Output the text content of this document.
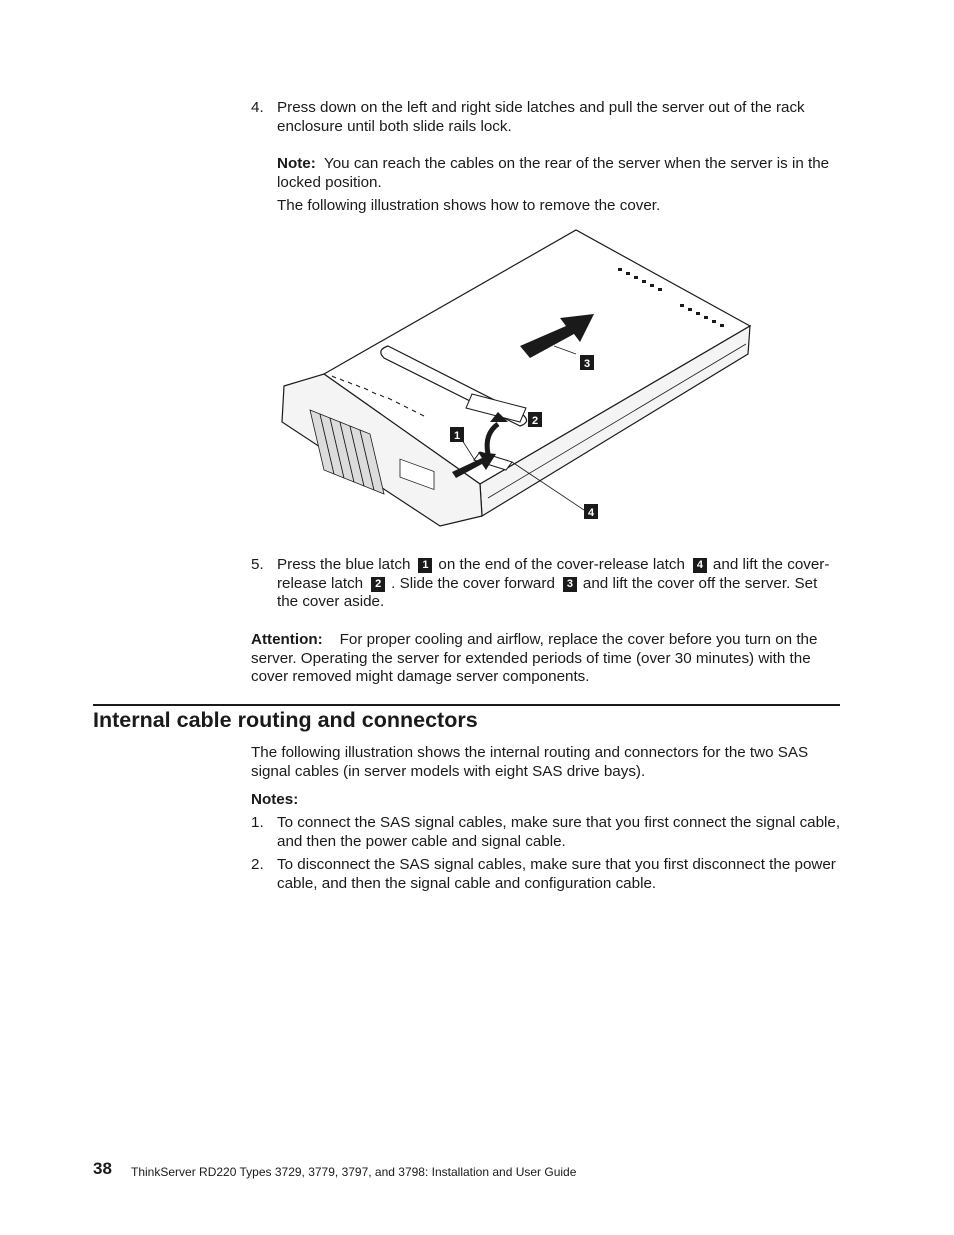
4. Press down on the left and right side latches and pull the server out of the rack enclosure until both slide rails lock.
Note: You can reach the cables on the rear of the server when the server is in the locked position.
The following illustration shows how to remove the cover.
3
2
1
4
5. Press the blue latch 1 on the end of the cover-release latch 4 and lift the cover-release latch 2 . Slide the cover forward 3 and lift the cover off the server. Set the cover aside.
Attention: For proper cooling and airflow, replace the cover before you turn on the server. Operating the server for extended periods of time (over 30 minutes) with the cover removed might damage server components.
Internal cable routing and connectors
The following illustration shows the internal routing and connectors for the two SAS signal cables (in server models with eight SAS drive bays).
Notes:
1. To connect the SAS signal cables, make sure that you first connect the signal cable, and then the power cable and signal cable.
2. To disconnect the SAS signal cables, make sure that you first disconnect the power cable, and then the signal cable and configuration cable.
38 ThinkServer RD220 Types 3729, 3779, 3797, and 3798: Installation and User Guide
